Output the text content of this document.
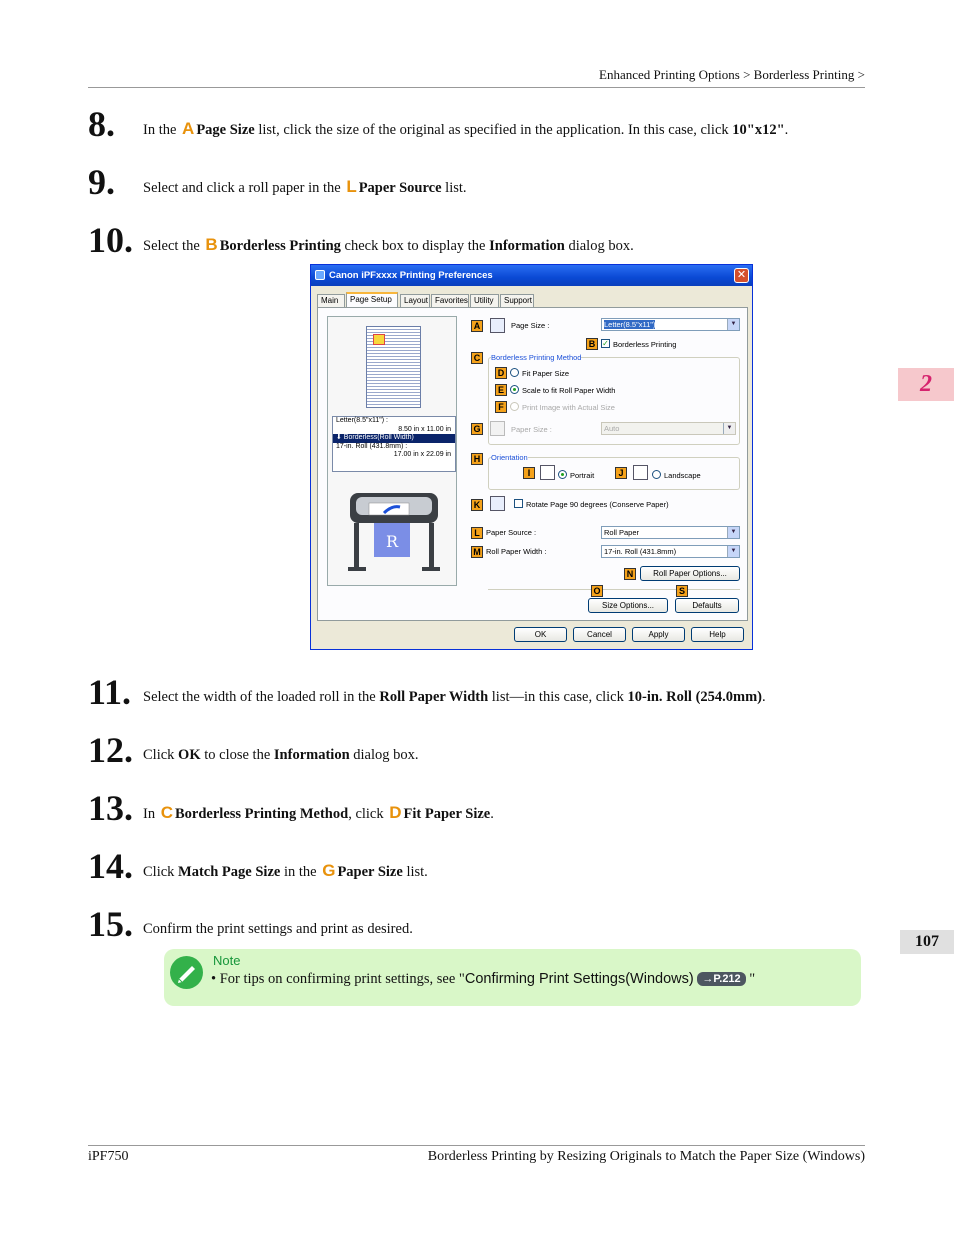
Enhanced Printing Options > Borderless Printing >
2
107
8. In the A Page Size list, click the size of the original as specified in the application. In this case, click 10"x12".
9. Select and click a roll paper in the L Paper Source list.
10. Select the B Borderless Printing check box to display the Information dialog box.
Canon iPFxxxx Printing Preferences	✕
Main	Page Setup	Layout Favorites Utility	Support
Letter(8.5"x11") :
8.50 in x 11.00 in
⬇ Borderless(Roll Width)
17-in. Roll (431.8mm) :
17.00 in x 22.09 in
R
A	Page Size :	Letter(8.5"x11")	▼
B ✓ Borderless Printing
C	Borderless Printing Method
D	Fit Paper Size
E	Scale to fit Roll Paper Width
F	Print Image with Actual Size
G	Paper Size :	Auto	▼
H	Orientation
I	Portrait	J	Landscape
K	Rotate Page 90 degrees (Conserve Paper)
L Paper Source :	Roll Paper	▼
M Roll Paper Width :	17-in. Roll (431.8mm)	▼
N	Roll Paper Options...
O	S
Size Options...	Defaults
OK	Cancel	Apply	Help
11. Select the width of the loaded roll in the Roll Paper Width list—in this case, click 10-in. Roll (254.0mm).
12. Click OK to close the Information dialog box.
13. In C Borderless Printing Method, click D Fit Paper Size.
14. Click Match Page Size in the G Paper Size list.
15. Confirm the print settings and print as desired.
Note
• For tips on confirming print settings, see "Confirming Print Settings(Windows) →P.212 "
iPF750	Borderless Printing by Resizing Originals to Match the Paper Size (Windows)
